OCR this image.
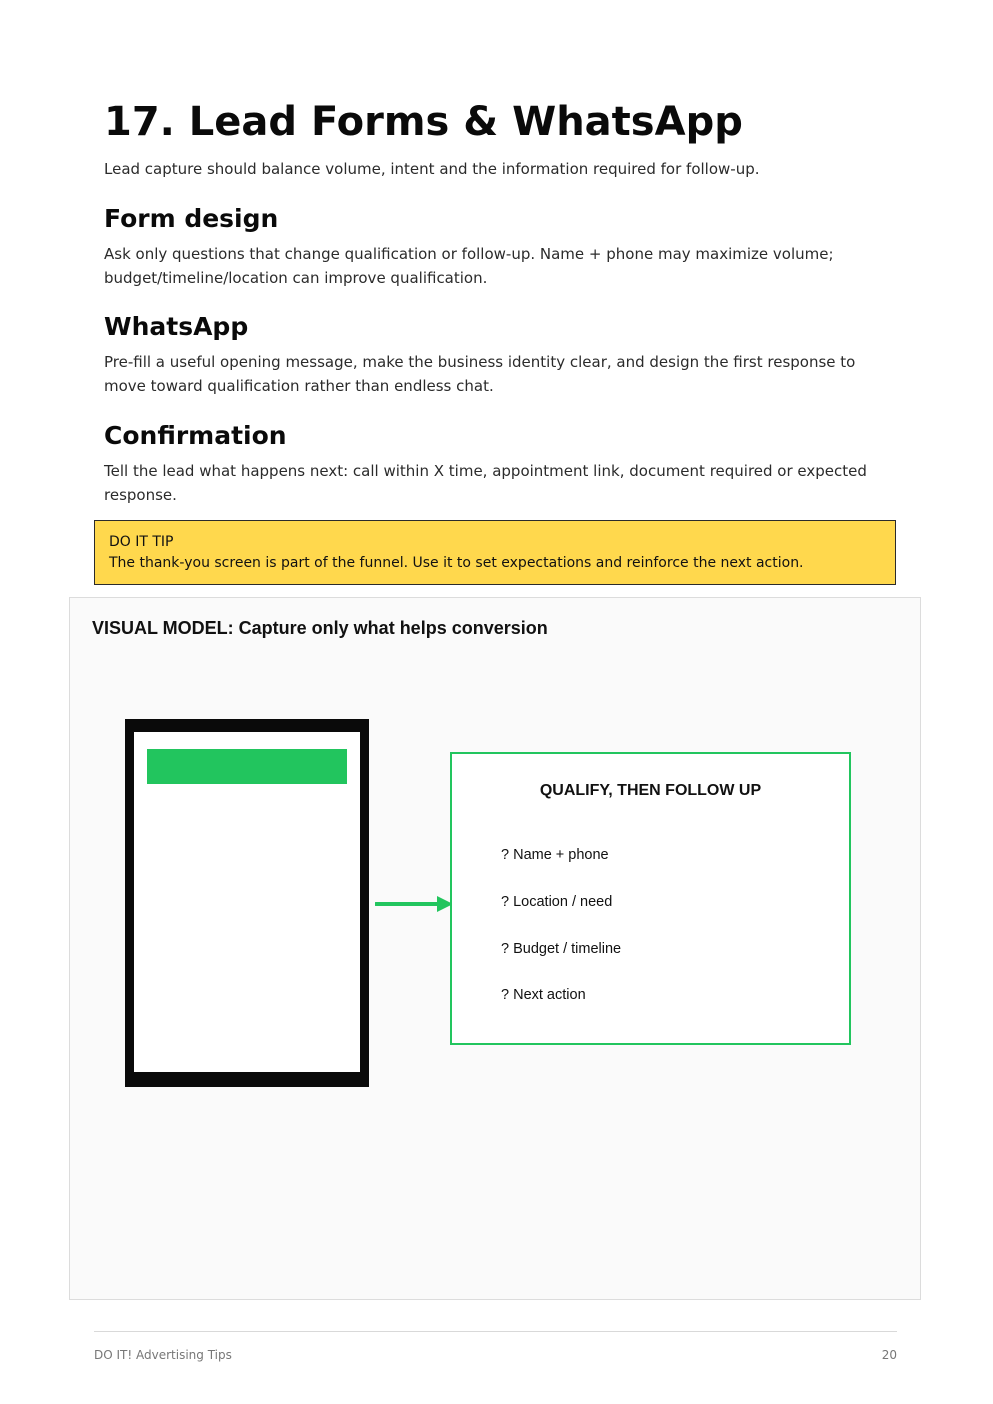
17. Lead Forms & WhatsApp

Lead capture should balance volume, intent and the information required for follow-up.

Form design

Ask only questions that change qualification or follow-up. Name + phone may maximize volume; budget/timeline/location can improve qualification.

WhatsApp

Pre-fill a useful opening message, make the business identity clear, and design the first response to move toward qualification rather than endless chat.

Confirmation

Tell the lead what happens next: call within X time, appointment link, document required or expected response.

DO IT TIP
The thank-you screen is part of the funnel. Use it to set expectations and reinforce the next action.
VISUAL MODEL: Capture only what helps conversion
QUALIFY, THEN FOLLOW UP
? Name + phone
? Location / need
? Budget / timeline
? Next action
DO IT! Advertising Tips	20
